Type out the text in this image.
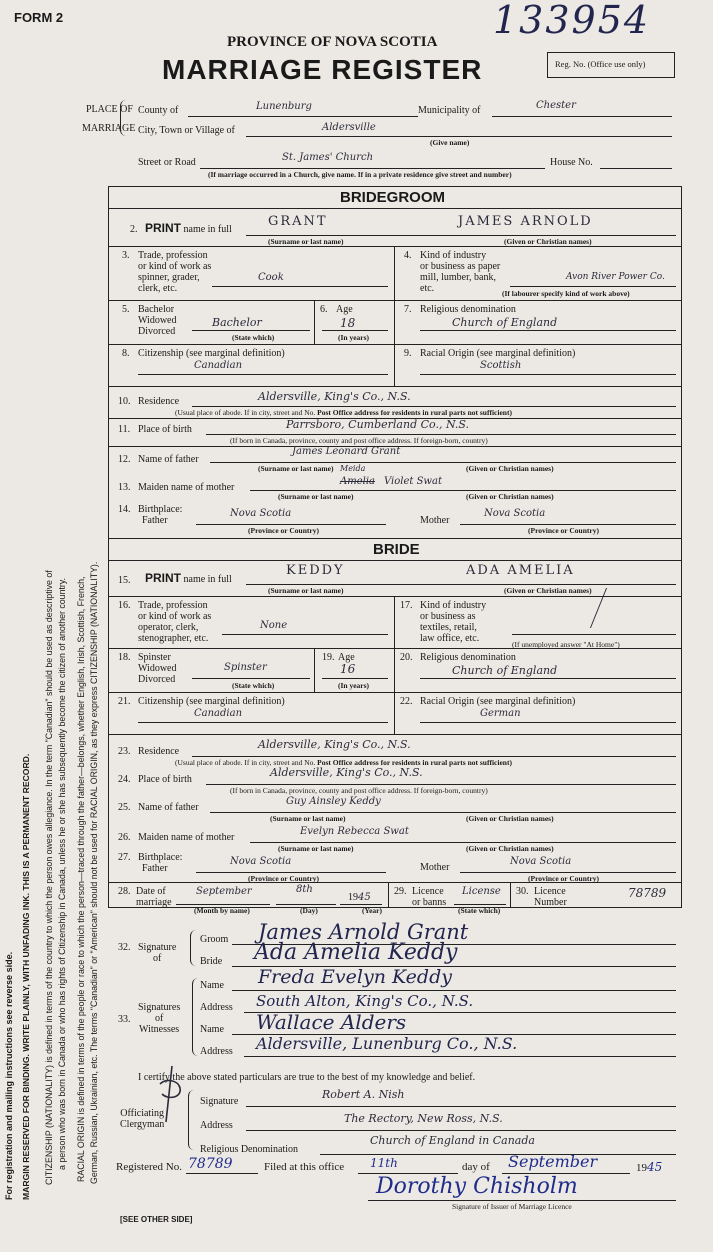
FORM 2	133954
PROVINCE OF NOVA SCOTIA
MARRIAGE REGISTER	Reg. No. (Office use only)
PLACE OF
MARRIAGE
County of	Lunenburg	Municipality of	Chester
City, Town or Village of	Aldersville
(Give name)
Street or Road	St. James' Church	House No.
(If marriage occurred in a Church, give name. If in a private residence give street and number)
For registration and mailing instructions see reverse side. MARGIN RESERVED FOR BINDING. WRITE PLAINLY, WITH UNFADING INK. THIS IS A PERMANENT RECORD. CITIZENSHIP (NATIONALITY) is defined in terms of the country to which the person owes allegiance. In the term "Canadian" should be used as descriptive of a person who was born in Canada or who has rights of Citizenship in Canada, unless he or she has subsequently become the citizen of another country. RACIAL ORIGIN is defined in terms of the people or race to which the person—traced through the father—belongs, whether English, Irish, Scottish, French, German, Russian, Ukrainian, etc. The terms "Canadian" or "American" should not be used for RACIAL ORIGIN, as they express CITIZENSHIP (NATIONALITY).
BRIDEGROOM
2. PRINT name in full
GRANT	JAMES ARNOLD
(Surname or last name)	(Given or Christian names)
3. Trade, profession
or kind of work as
spinner, grader,
clerk, etc.
Cook
4. Kind of industry
or business as paper
mill, lumber, bank,
etc.
Avon River Power Co.
(If labourer specify kind of work above)
5. Bachelor
Widowed
Divorced
Bachelor
(State which)
6. Age
18
(In years)
7. Religious denomination
Church of England
8. Citizenship (see marginal definition)
Canadian
9. Racial Origin (see marginal definition)
Scottish
10. Residence	Aldersville, King's Co., N.S.
(Usual place of abode. If in city, street and No. Post Office address for residents in rural parts not sufficient)
11. Place of birth	Parrsboro, Cumberland Co., N.S.
(If born in Canada, province, county and post office address. If foreign-born, country)
12. Name of father
James Leonard Grant
(Surname or last name)	(Given or Christian names)
13. Maiden name of mother
Meida
Amelia Violet Swat
(Surname or last name)	(Given or Christian names)
14. Birthplace:
Father
Nova Scotia
Mother
Nova Scotia
(Province or Country)	(Province or Country)
BRIDE
15. PRINT name in full
KEDDY	ADA AMELIA
(Surname or last name)	(Given or Christian names)
16. Trade, profession
or kind of work as
operator, clerk,
stenographer, etc.
None
17. Kind of industry
or business as
textiles, retail,
law office, etc.
(If unemployed answer "At Home")
18. Spinster
Widowed
Divorced
Spinster
(State which)
19. Age
16
(In years)
20. Religious denomination
Church of England
21. Citizenship (see marginal definition)
Canadian
22. Racial Origin (see marginal definition)
German
23. Residence
Aldersville, King's Co., N.S.
(Usual place of abode. If in city, street and No. Post Office address for residents in rural parts not sufficient)
24. Place of birth
Aldersville, King's Co., N.S.
(If born in Canada, province, county and post office address. If foreign-born, country)
25. Name of father
Guy Ainsley Keddy
(Surname or last name)	(Given or Christian names)
26. Maiden name of mother
Evelyn Rebecca Swat
(Surname or last name)	(Given or Christian names)
27. Birthplace:
Father
Nova Scotia
Mother
Nova Scotia
(Province or Country)	(Province or Country)
28. Date of
marriage
September	8th
1945
(Month by name)	(Day)	(Year)
29. Licence
or banns
License
(State which)
30. Licence
Number
78789
32. Signature
of
Groom James Arnold Grant
Bride Ada Amelia Keddy
33.
Signatures
of
Witnesses
Name Freda Evelyn Keddy
Address South Alton, King's Co., N.S.
Name Wallace Alders
Address Aldersville, Lunenburg Co., N.S.
I certify the above stated particulars are true to the best of my knowledge and belief.
Officiating
Clergyman
Signature
Robert A. Nish
Address
The Rectory, New Ross, N.S.
Religious Denomination
Church of England in Canada
Registered No. 78789	Filed at this office 11th	day of September	1945
Dorothy Chisholm
Signature of Issuer of Marriage Licence
[SEE OTHER SIDE]
